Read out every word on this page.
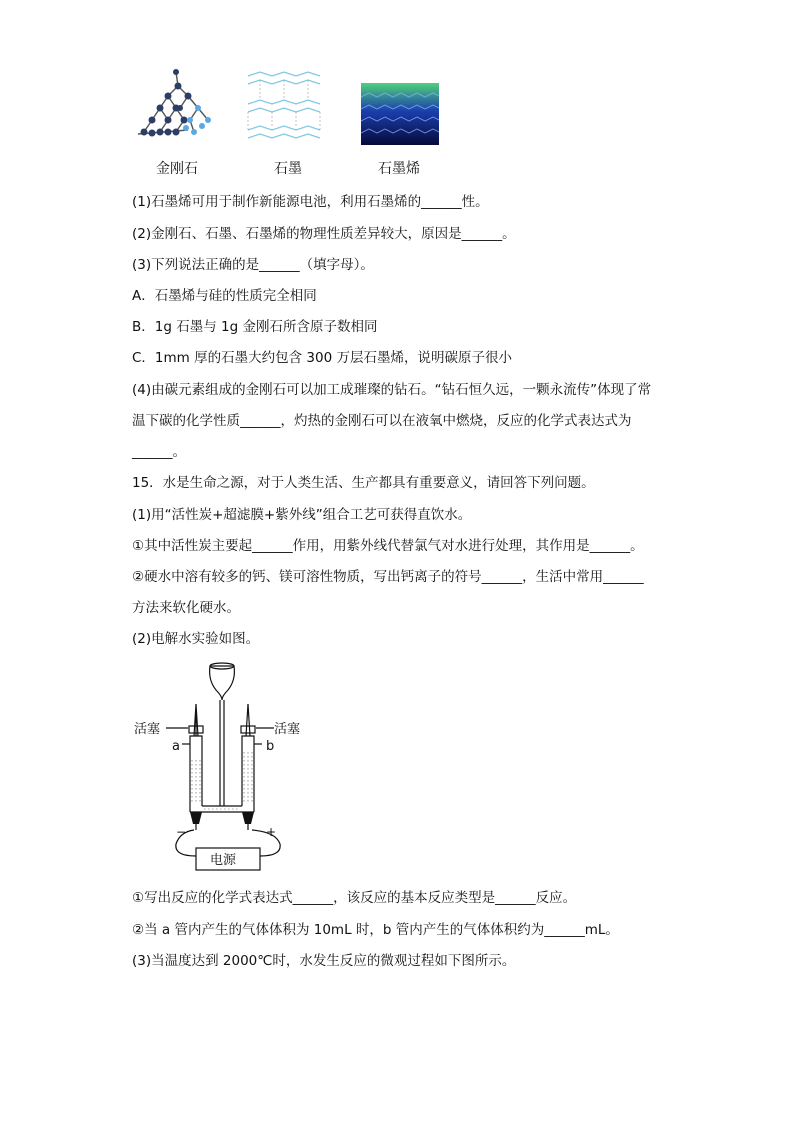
金刚石	石墨	石墨烯
(1)石墨烯可用于制作新能源电池，利用石墨烯的______性。
(2)金刚石、石墨、石墨烯的物理性质差异较大，原因是______。
(3)下列说法正确的是______（填字母）。
A．石墨烯与硅的性质完全相同
B．1g 石墨与 1g 金刚石所含原子数相同
C．1mm 厚的石墨大约包含 300 万层石墨烯，说明碳原子很小
(4)由碳元素组成的金刚石可以加工成璀璨的钻石。“钻石恒久远，一颗永流传”体现了常
温下碳的化学性质______，灼热的金刚石可以在液氧中燃烧，反应的化学式表达式为
______。
15．水是生命之源，对于人类生活、生产都具有重要意义，请回答下列问题。
(1)用“活性炭+超滤膜+紫外线”组合工艺可获得直饮水。
①其中活性炭主要起______作用，用紫外线代替氯气对水进行处理，其作用是______。
②硬水中溶有较多的钙、镁可溶性物质，写出钙离子的符号______，生活中常用______
方法来软化硬水。
(2)电解水实验如图。
活塞	活塞
a	b
−	+
电源
①写出反应的化学式表达式______，该反应的基本反应类型是______反应。
②当 a 管内产生的气体体积为 10mL 时，b 管内产生的气体体积约为______mL。
(3)当温度达到 2000℃时，水发生反应的微观过程如下图所示。
